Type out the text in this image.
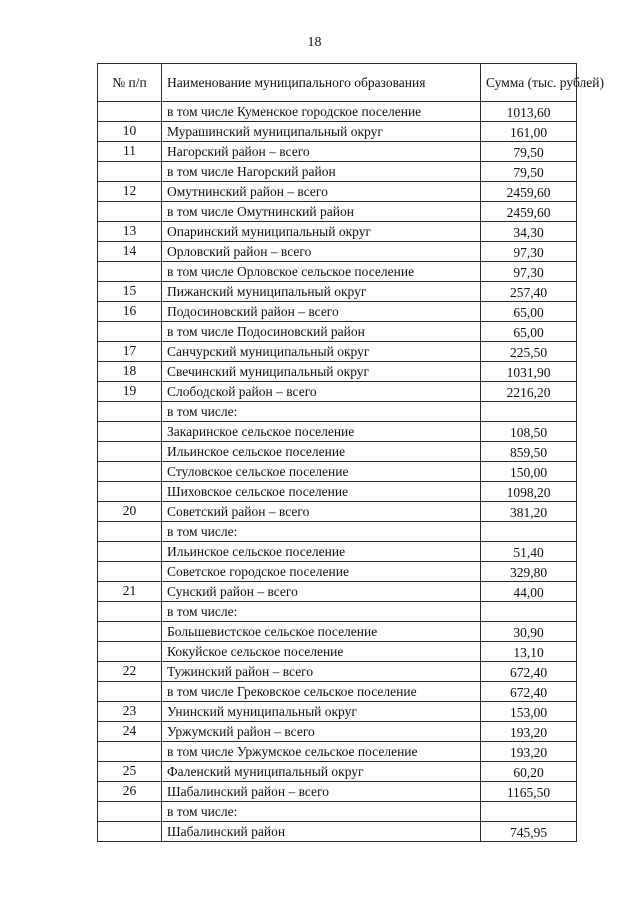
18
№ п/п	Наименование муниципального образования	Сумма (тыс. рублей)
	в том числе Куменское городское поселение	1013,60
10	Мурашинский муниципальный округ	161,00
11	Нагорский район – всего	79,50
	в том числе Нагорский район	79,50
12	Омутнинский район – всего	2459,60
	в том числе Омутнинский район	2459,60
13	Опаринский муниципальный округ	34,30
14	Орловский район – всего	97,30
	в том числе Орловское сельское поселение	97,30
15	Пижанский муниципальный округ	257,40
16	Подосиновский район – всего	65,00
	в том числе Подосиновский район	65,00
17	Санчурский муниципальный округ	225,50
18	Свечинский муниципальный округ	1031,90
19	Слободской район – всего	2216,20
	в том числе:	
	Закаринское сельское поселение	108,50
	Ильинское сельское поселение	859,50
	Стуловское сельское поселение	150,00
	Шиховское сельское поселение	1098,20
20	Советский район – всего	381,20
	в том числе:	
	Ильинское сельское поселение	51,40
	Советское городское поселение	329,80
21	Сунский район – всего	44,00
	в том числе:	
	Большевистское сельское поселение	30,90
	Кокуйское сельское поселение	13,10
22	Тужинский район – всего	672,40
	в том числе Грековское сельское поселение	672,40
23	Унинский муниципальный округ	153,00
24	Уржумский район – всего	193,20
	в том числе Уржумское сельское поселение	193,20
25	Фаленский муниципальный округ	60,20
26	Шабалинский район – всего	1165,50
	в том числе:	
	Шабалинский район	745,95
